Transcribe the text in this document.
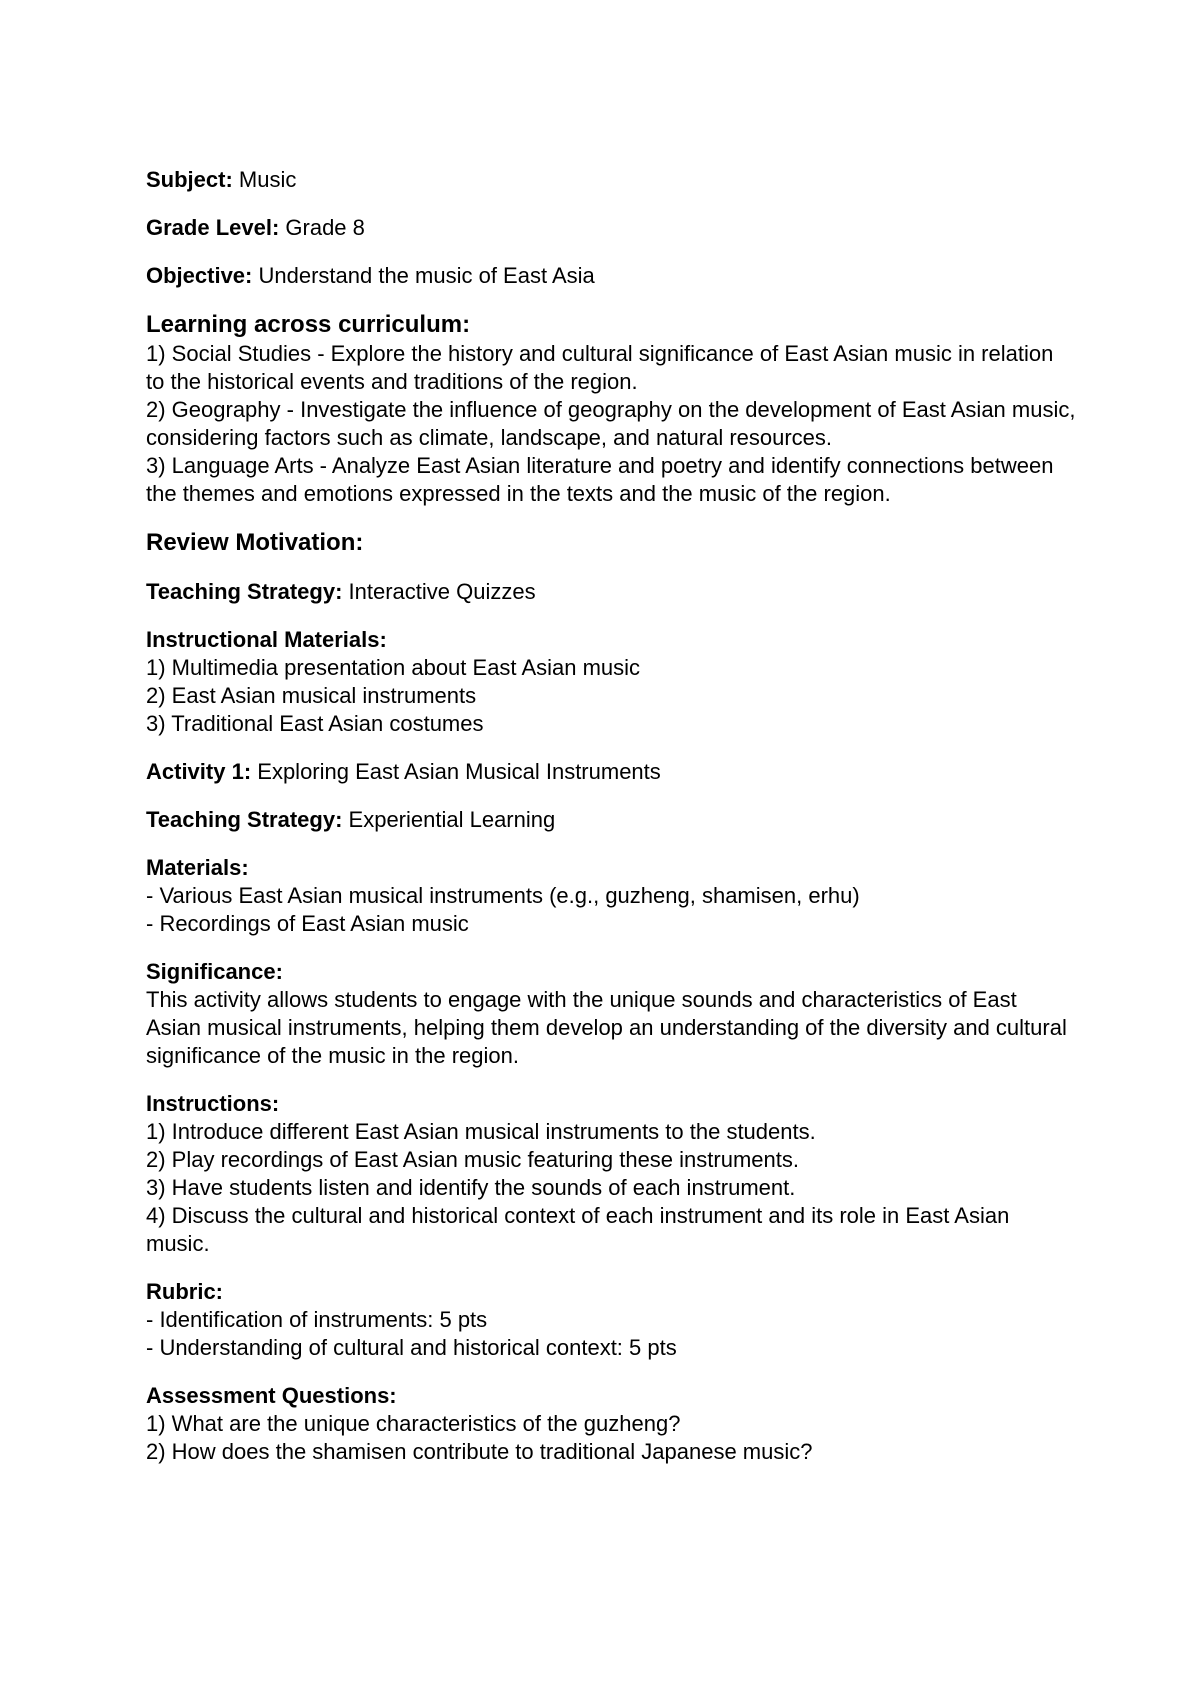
Subject: Music

Grade Level: Grade 8

Objective: Understand the music of East Asia

Learning across curriculum:

1) Social Studies - Explore the history and cultural significance of East Asian music in relation to the historical events and traditions of the region.

2) Geography - Investigate the influence of geography on the development of East Asian music, considering factors such as climate, landscape, and natural resources.

3) Language Arts - Analyze East Asian literature and poetry and identify connections between the themes and emotions expressed in the texts and the music of the region.

Review Motivation:

Teaching Strategy: Interactive Quizzes

Instructional Materials:

1) Multimedia presentation about East Asian music

2) East Asian musical instruments

3) Traditional East Asian costumes

Activity 1: Exploring East Asian Musical Instruments

Teaching Strategy: Experiential Learning

Materials:

- Various East Asian musical instruments (e.g., guzheng, shamisen, erhu)

- Recordings of East Asian music

Significance:

This activity allows students to engage with the unique sounds and characteristics of East Asian musical instruments, helping them develop an understanding of the diversity and cultural significance of the music in the region.

Instructions:

1) Introduce different East Asian musical instruments to the students.

2) Play recordings of East Asian music featuring these instruments.

3) Have students listen and identify the sounds of each instrument.

4) Discuss the cultural and historical context of each instrument and its role in East Asian music.

Rubric:

- Identification of instruments: 5 pts

- Understanding of cultural and historical context: 5 pts

Assessment Questions:

1) What are the unique characteristics of the guzheng?

2) How does the shamisen contribute to traditional Japanese music?
